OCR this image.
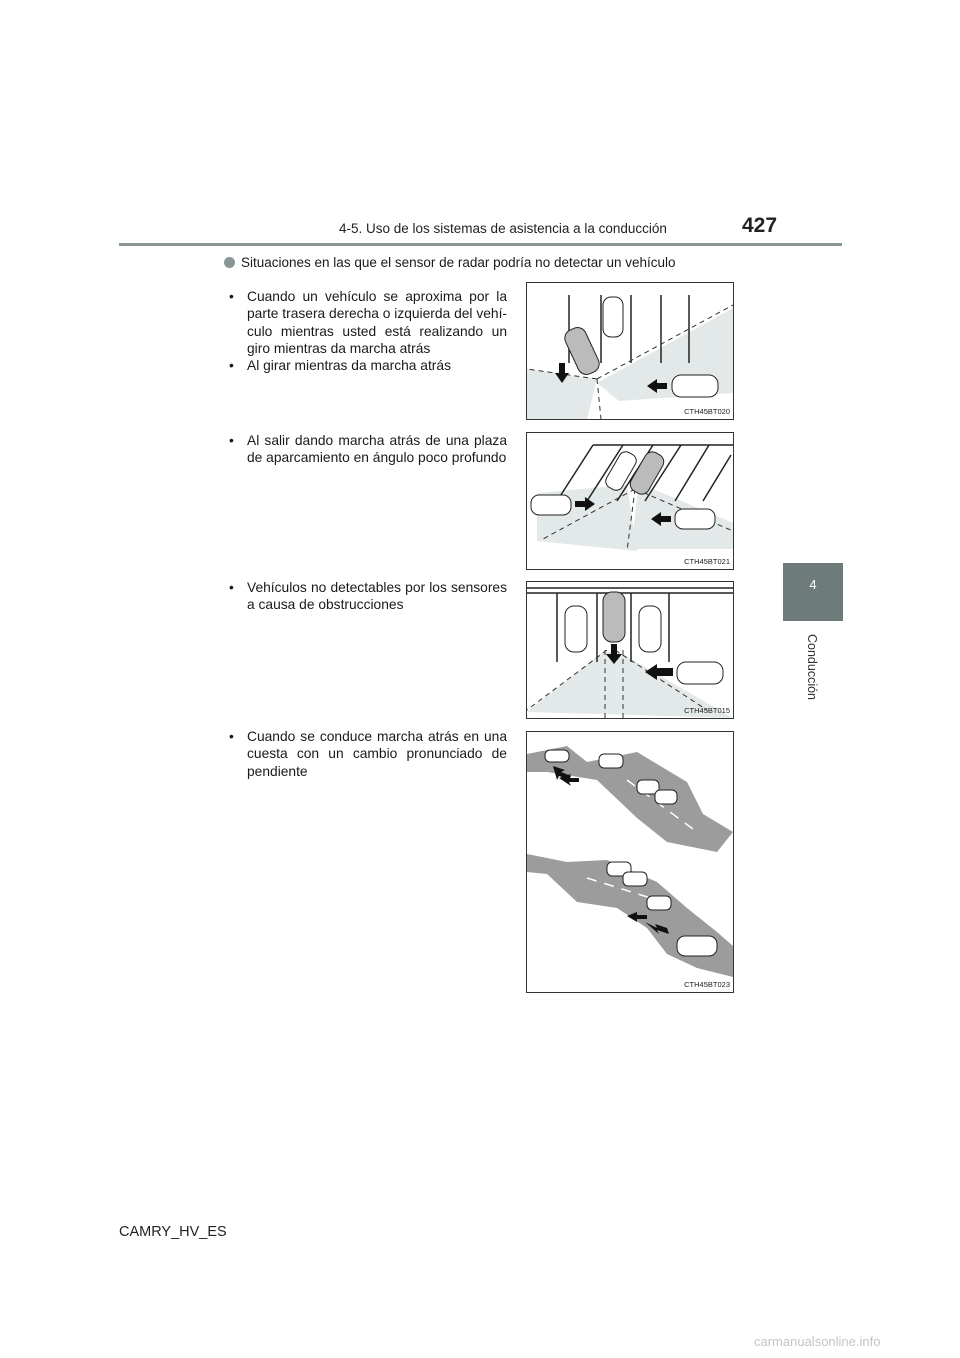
4-5. Uso de los sistemas de asistencia a la conducción	427
4
Conducción
Situaciones en las que el sensor de radar podría no detectar un vehículo
• Cuando un vehículo se aproxima por la parte trasera derecha o izquierda del vehí-culo mientras usted está realizando un giro mientras da marcha atrás
• Al girar mientras da marcha atrás
CTH45BT020
• Al salir dando marcha atrás de una plaza de aparcamiento en ángulo poco profundo
CTH45BT021
• Vehículos no detectables por los sensores a causa de obstrucciones
CTH45BT015
• Cuando se conduce marcha atrás en una cuesta con un cambio pronunciado de pendiente
CTH45BT023
CAMRY_HV_ES
carmanualsonline.info
